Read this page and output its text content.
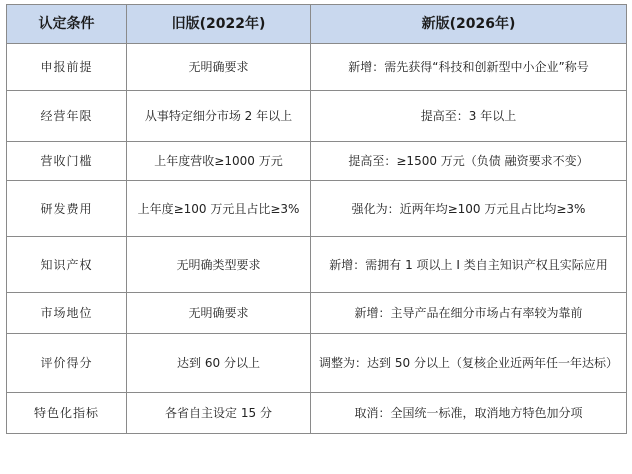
认定条件	旧版(2022年)	新版(2026年)
申报前提	无明确要求	新增：需先获得“科技和创新型中小企业”称号
经营年限	从事特定细分市场 2 年以上	提高至：3 年以上
营收门槛	上年度营收≥1000 万元	提高至：≥1500 万元（负债 融资要求不变）
研发费用	上年度≥100 万元且占比≥3%	强化为：近两年均≥100 万元且占比均≥3%
知识产权	无明确类型要求	新增：需拥有 1 项以上 I 类自主知识产权且实际应用
市场地位	无明确要求	新增：主导产品在细分市场占有率较为靠前
评价得分	达到 60 分以上	调整为：达到 50 分以上（复核企业近两年任一年达标）
特色化指标	各省自主设定 15 分	取消：全国统一标准，取消地方特色加分项
